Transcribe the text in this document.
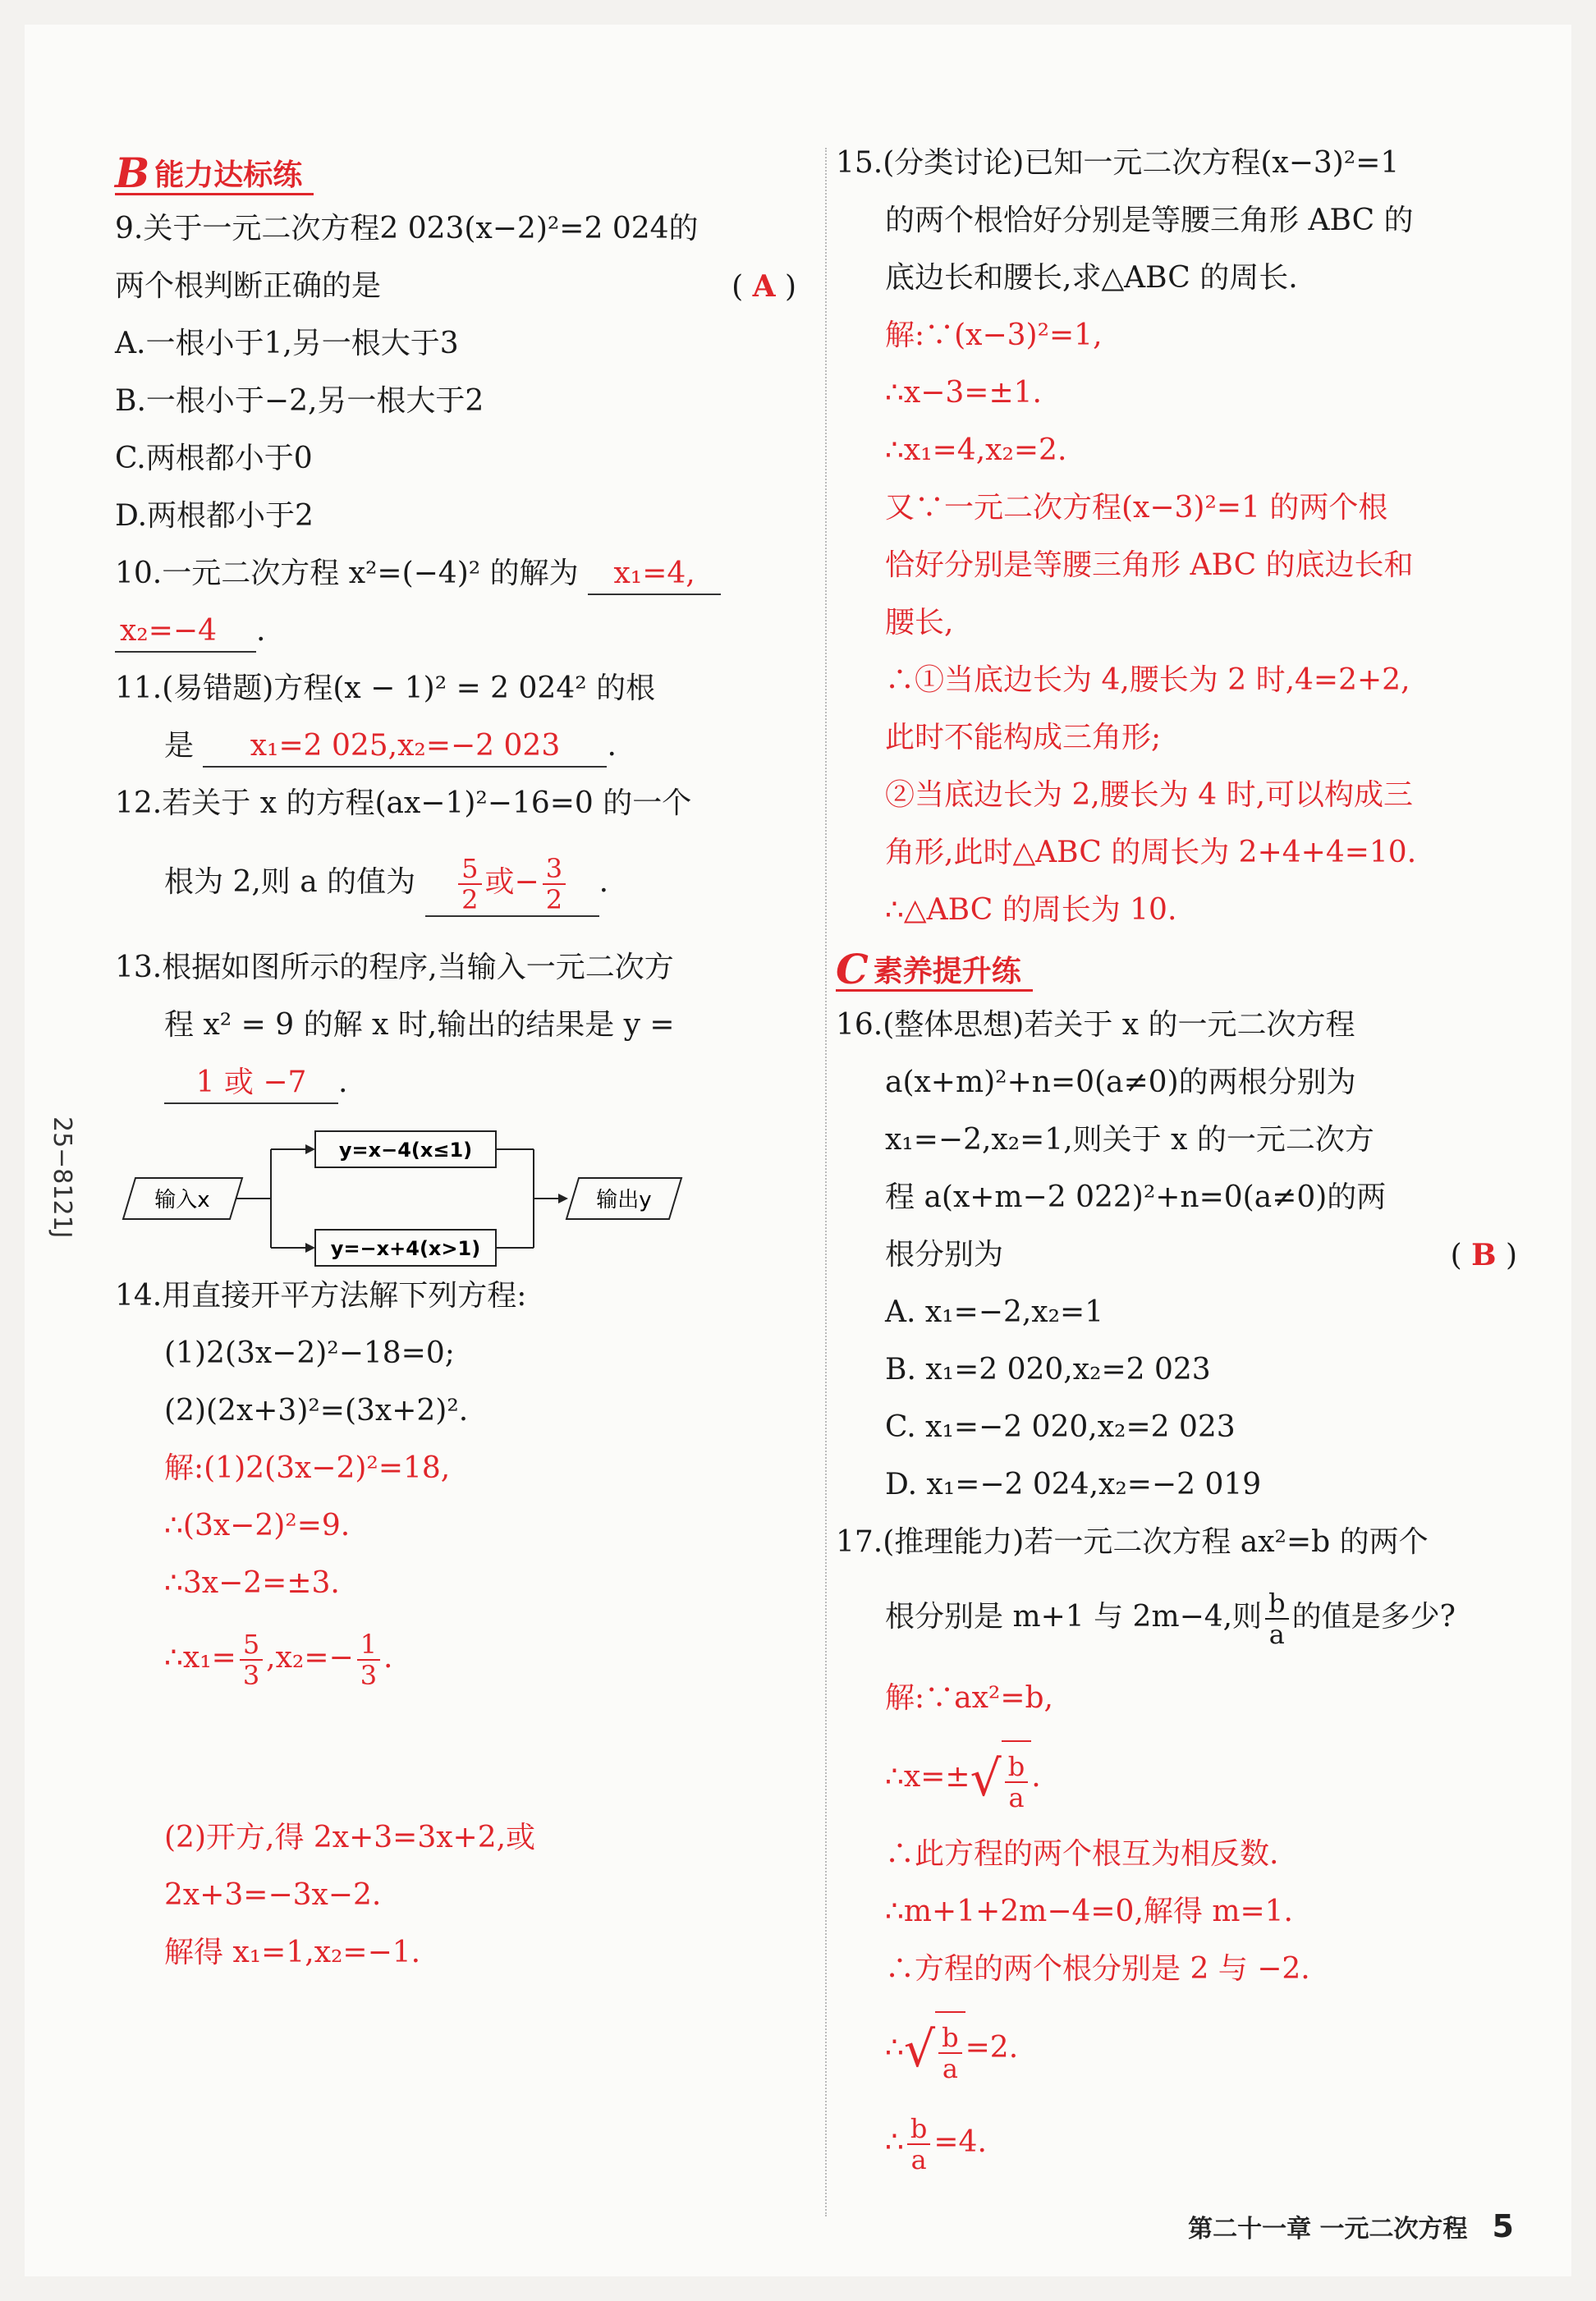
25−8121J
B 能力达标练
9.关于一元二次方程2 023(x−2)²=2 024的
两个根判断正确的是	( A )
A.一根小于1,另一根大于3
B.一根小于−2,另一根大于2
C.两根都小于0
D.两根都小于2
10.一元二次方程 x²=(−4)² 的解为 x₁=4,
x₂=−4 .
11.(易错题)方程(x − 1)² = 2 024² 的根
是 x₁=2 025,x₂=−2 023 .
12.若关于 x 的方程(ax−1)²−16=0 的一个
根为 2,则 a 的值为 $\frac{5}{2}$ 或− $\frac{3}{2}$ .
13.根据如图所示的程序,当输入一元二次方
程 x² = 9 的解 x 时,输出的结果是 y =
1 或 −7 .
输入x
y=x−4(x≤1)
y=−x+4(x>1)
输出y
14.用直接开平方法解下列方程:
(1)2(3x−2)²−18=0;
(2)(2x+3)²=(3x+2)².
解:(1)2(3x−2)²=18,
∴(3x−2)²=9.
∴3x−2=±3.
∴x₁= $\frac{5}{3} ,x_2=- \frac{1}{3}$ .
(2)开方,得 2x+3=3x+2,或
2x+3=−3x−2.
解得 x₁=1,x₂=−1.
15.(分类讨论)已知一元二次方程(x−3)²=1
的两个根恰好分别是等腰三角形 ABC 的
底边长和腰长,求△ABC 的周长.
解:∵(x−3)²=1,
∴x−3=±1.
∴x₁=4,x₂=2.
又∵一元二次方程(x−3)²=1 的两个根
恰好分别是等腰三角形 ABC 的底边长和
腰长,
∴①当底边长为 4,腰长为 2 时,4=2+2,
此时不能构成三角形;
②当底边长为 2,腰长为 4 时,可以构成三
角形,此时△ABC 的周长为 2+4+4=10.
∴△ABC 的周长为 10.
C 素养提升练
16.(整体思想)若关于 x 的一元二次方程
a(x+m)²+n=0(a≠0)的两根分别为
x₁=−2,x₂=1,则关于 x 的一元二次方
程 a(x+m−2 022)²+n=0(a≠0)的两
根分别为	( B )
A. x₁=−2,x₂=1
B. x₁=2 020,x₂=2 023
C. x₁=−2 020,x₂=2 023
D. x₁=−2 024,x₂=−2 019
17.(推理能力)若一元二次方程 ax²=b 的两个
根分别是 m+1 与 2m−4,则 $\frac{b}{a}$ 的值是多少?
解:∵ax²=b,
∴x=± √ $\frac{b}{a}$ .
∴此方程的两个根互为相反数.
∴m+1+2m−4=0,解得 m=1.
∴方程的两个根分别是 2 与 −2.
∴ √ $\frac{b}{a} =2$.
∴ $\frac{b}{a} =4$.
第二十一章 一元二次方程 5
